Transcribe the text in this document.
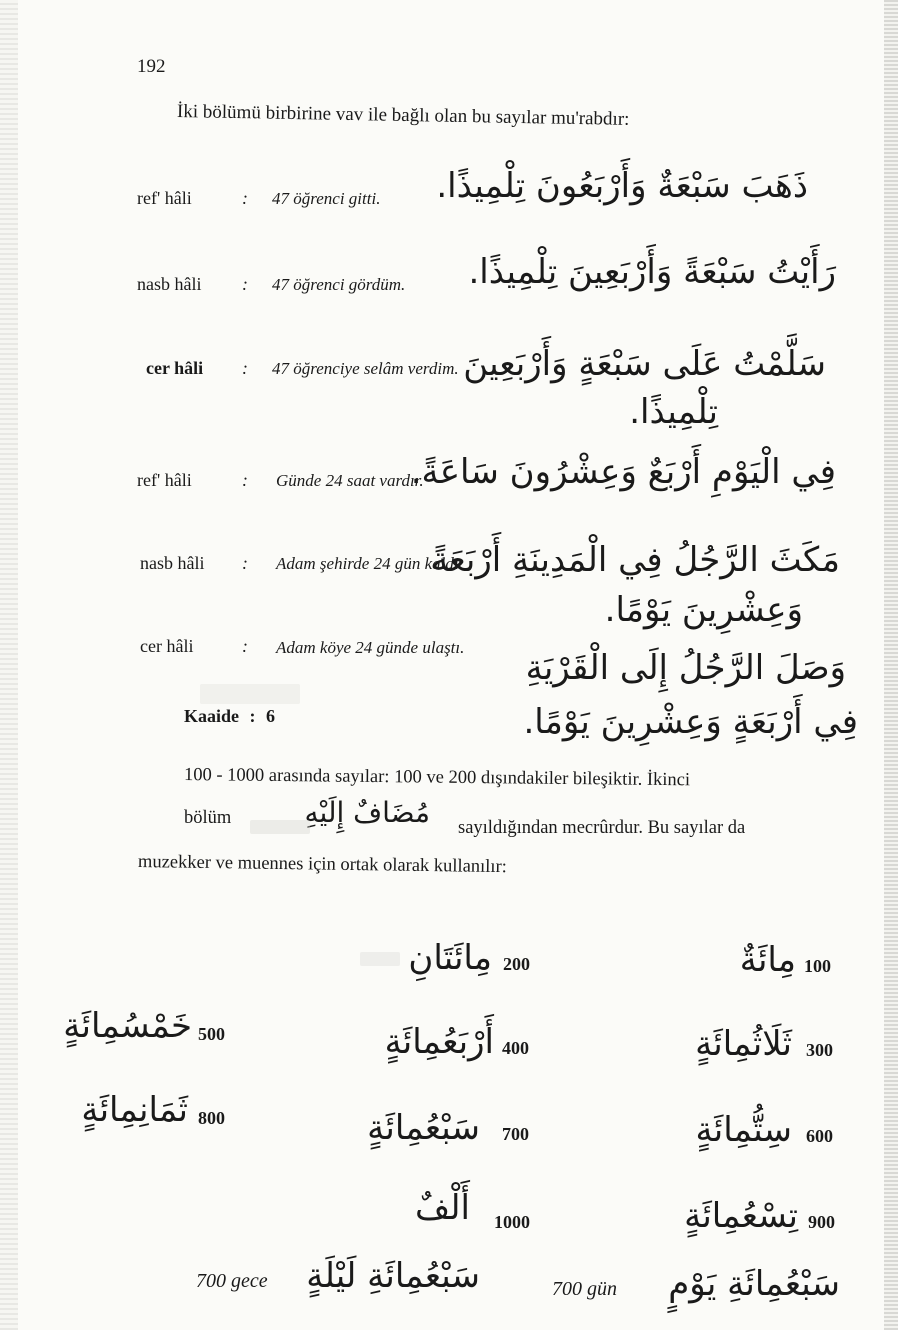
192
İki bölümü birbirine vav ile bağlı olan bu sayılar mu'rabdır:
ref' hâli	: 47 öğrenci gitti. ذَهَبَ سَبْعَةٌ وَأَرْبَعُونَ تِلْمِيذًا.
nasb hâli : 47 öğrenci gördüm. رَأَيْتُ سَبْعَةً وَأَرْبَعِينَ تِلْمِيذًا.
cer hâli : 47 öğrenciye selâm verdim. سَلَّمْتُ عَلَى سَبْعَةٍ وَأَرْبَعِينَ
تِلْمِيذًا.
ref' hâli	: Günde 24 saat vardır.
فِي الْيَوْمِ أَرْبَعٌ وَعِشْرُونَ سَاعَةً.
nasb hâli : Adam şehirde 24 gün kaldı.
مَكَثَ الرَّجُلُ فِي الْمَدِينَةِ أَرْبَعَةً
وَعِشْرِينَ يَوْمًا.
cer hâli	: Adam köye 24 günde ulaştı.
وَصَلَ الرَّجُلُ إِلَى الْقَرْيَةِ
فِي أَرْبَعَةٍ وَعِشْرِينَ يَوْمًا.
Kaaide : 6
100 - 1000 arasında sayılar: 100 ve 200 dışındakiler bileşiktir. İkinci
bölüm	مُضَافٌ إِلَيْهِ sayıldığından mecrûrdur. Bu sayılar da
muzekker ve muennes için ortak olarak kullanılır:
مِائَةٌ 100
مِائَتَانِ 200
ثَلَاثُمِائَةٍ 300
أَرْبَعُمِائَةٍ 400
خَمْسُمِائَةٍ 500
سِتُّمِائَةٍ 600
سَبْعُمِائَةٍ 700
ثَمَانِمِائَةٍ 800
تِسْعُمِائَةٍ 900
أَلْفٌ 1000
700 gece سَبْعُمِائَةِ لَيْلَةٍ	700 gün سَبْعُمِائَةِ يَوْمٍ
